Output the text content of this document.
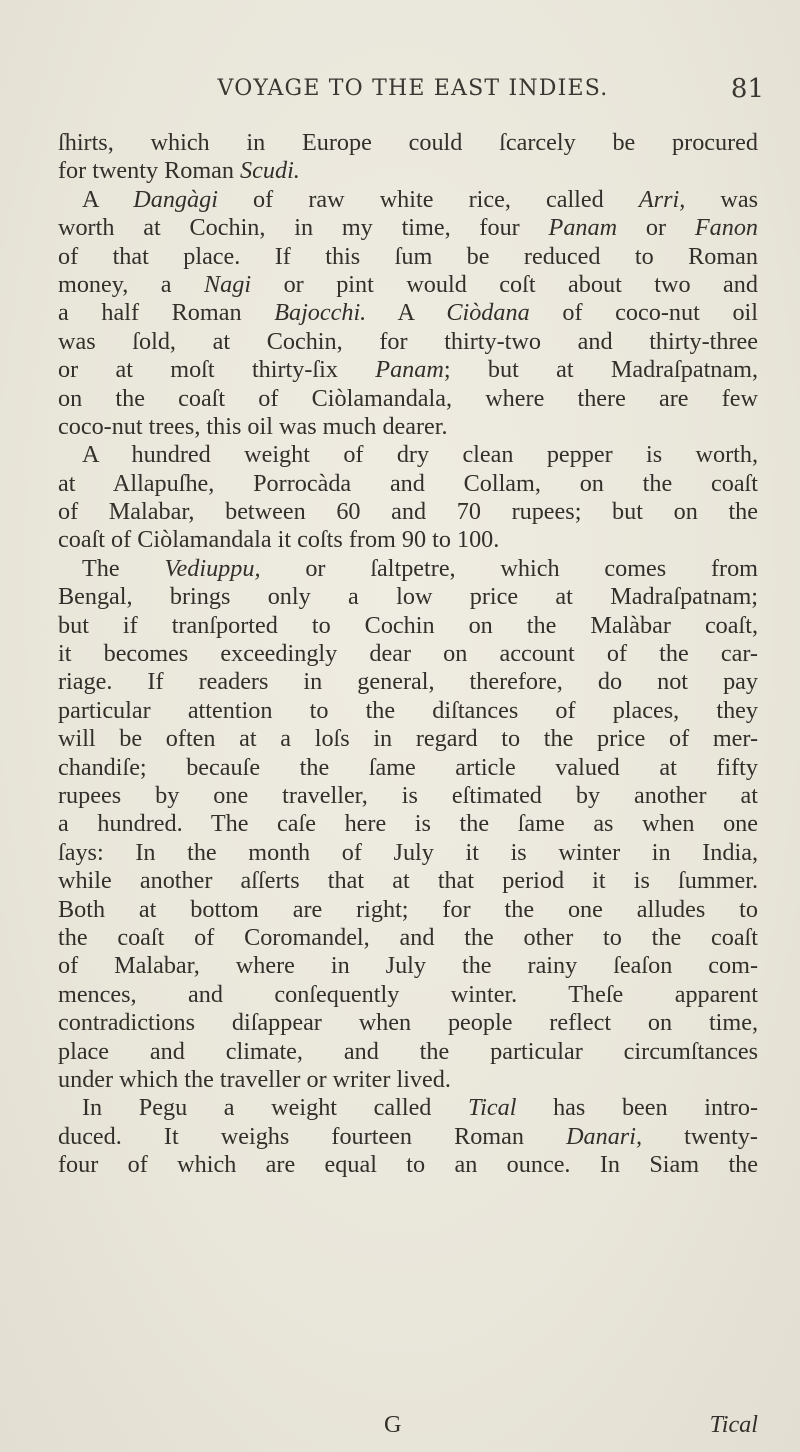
VOYAGE TO THE EAST INDIES.	81
ſhirts, which in Europe could ſcarcely be procured
for twenty Roman Scudi.
A Dangàgi of raw white rice, called Arri, was
worth at Cochin, in my time, four Panam or Fanon
of that place. If this ſum be reduced to Roman
money, a Nagi or pint would coſt about two and
a half Roman Bajocchi. A Ciòdana of coco-nut oil
was ſold, at Cochin, for thirty-two and thirty-three
or at moſt thirty-ſix Panam; but at Madraſpatnam,
on the coaſt of Ciòlamandala, where there are few
coco-nut trees, this oil was much dearer.
A hundred weight of dry clean pepper is worth,
at Allapuſhe, Porrocàda and Collam, on the coaſt
of Malabar, between 60 and 70 rupees; but on the
coaſt of Ciòlamandala it coſts from 90 to 100.
The Vediuppu, or ſaltpetre, which comes from
Bengal, brings only a low price at Madraſpatnam;
but if tranſported to Cochin on the Malàbar coaſt,
it becomes exceedingly dear on account of the car-
riage. If readers in general, therefore, do not pay
particular attention to the diſtances of places, they
will be often at a loſs in regard to the price of mer-
chandiſe; becauſe the ſame article valued at fifty
rupees by one traveller, is eſtimated by another at
a hundred. The caſe here is the ſame as when one
ſays: In the month of July it is winter in India,
while another aſſerts that at that period it is ſummer.
Both at bottom are right; for the one alludes to
the coaſt of Coromandel, and the other to the coaſt
of Malabar, where in July the rainy ſeaſon com-
mences, and conſequently winter. Theſe apparent
contradictions diſappear when people reflect on time,
place and climate, and the particular circumſtances
under which the traveller or writer lived.
In Pegu a weight called Tical has been intro-
duced. It weighs fourteen Roman Danari, twenty-
four of which are equal to an ounce. In Siam the
G	Tical
